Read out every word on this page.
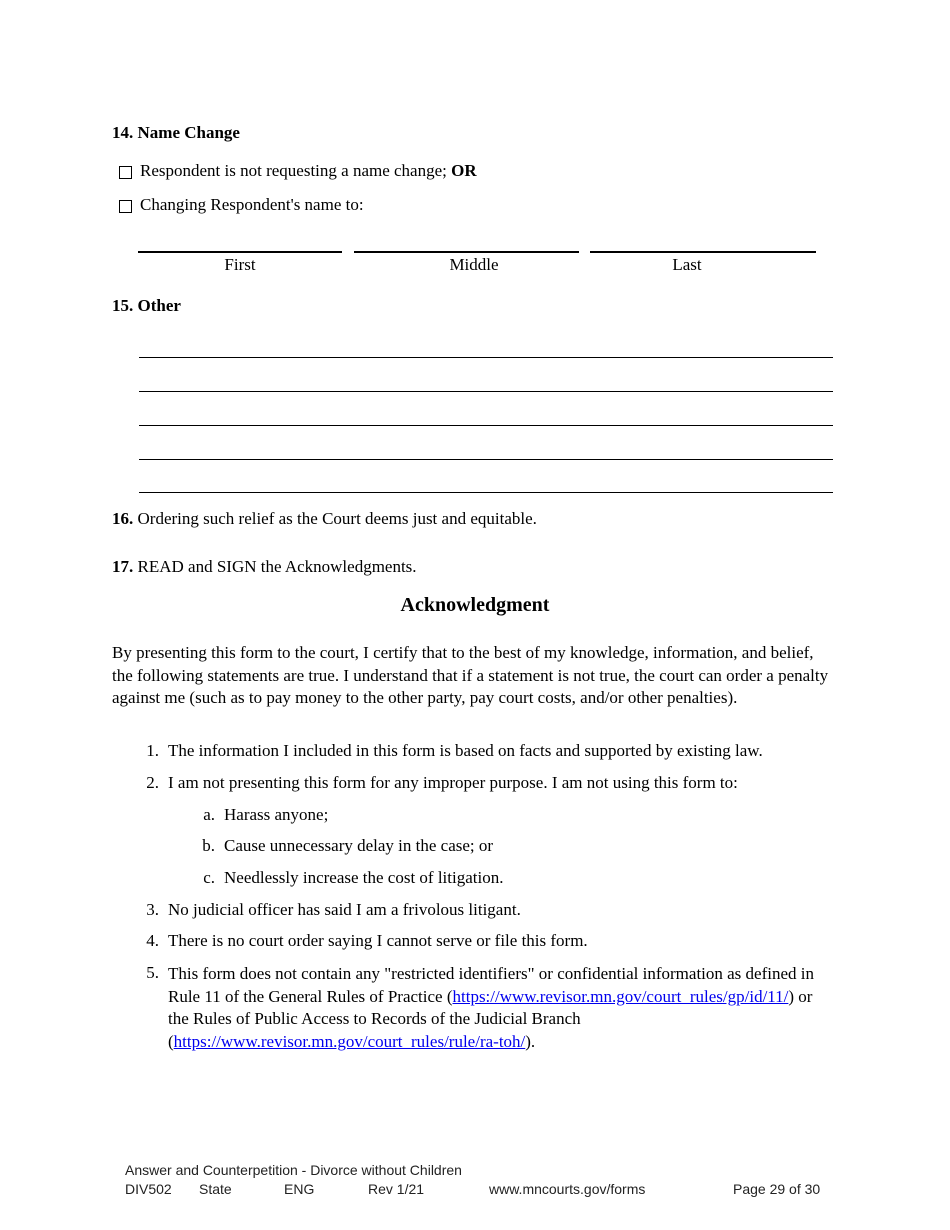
14. Name Change
Respondent is not requesting a name change; OR
Changing Respondent's name to:
First	Middle	Last
15. Other
16. Ordering such relief as the Court deems just and equitable.
17. READ and SIGN the Acknowledgments.
Acknowledgment
By presenting this form to the court, I certify that to the best of my knowledge, information, and belief, the following statements are true. I understand that if a statement is not true, the court can order a penalty against me (such as to pay money to the other party, pay court costs, and/or other penalties).
1. The information I included in this form is based on facts and supported by existing law.
2. I am not presenting this form for any improper purpose. I am not using this form to:
a. Harass anyone;
b. Cause unnecessary delay in the case; or
c. Needlessly increase the cost of litigation.
3. No judicial officer has said I am a frivolous litigant.
4. There is no court order saying I cannot serve or file this form.
5. This form does not contain any "restricted identifiers" or confidential information as defined in Rule 11 of the General Rules of Practice (https://www.revisor.mn.gov/court_rules/gp/id/11/) or the Rules of Public Access to Records of the Judicial Branch (https://www.revisor.mn.gov/court_rules/rule/ra-toh/).
Answer and Counterpetition - Divorce without Children
DIV502 State	ENG	Rev 1/21	www.mncourts.gov/forms	Page 29 of 30
